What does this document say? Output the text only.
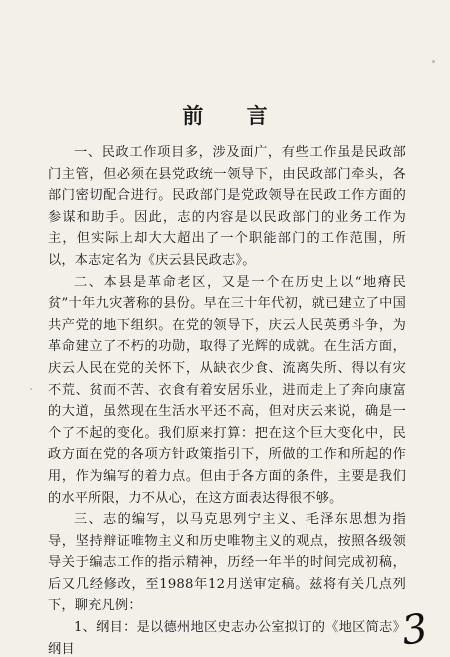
前 言

一、民政工作项目多，涉及面广，有些工作虽是民政部门主管，但必须在县党政统一领导下，由民政部门牵头，各部门密切配合进行。民政部门是党政领导在民政工作方面的参谋和助手。因此，志的内容是以民政部门的业务工作为主，但实际上却大大超出了一个职能部门的工作范围，所以，本志定名为《庆云县民政志》。

二、本县是革命老区，又是一个在历史上以“地瘠民贫”十年九灾著称的县份。早在三十年代初，就已建立了中国共产党的地下组织。在党的领导下，庆云人民英勇斗争，为革命建立了不朽的功勋，取得了光辉的成就。在生活方面，庆云人民在党的关怀下，从缺衣少食、流离失所、得以有灾不荒、贫而不苦、衣食有着安居乐业，进而走上了奔向康富的大道，虽然现在生活水平还不高，但对庆云来说，确是一个了不起的变化。我们原来打算：把在这个巨大变化中，民政方面在党的各项方针政策指引下，所做的工作和所起的作用，作为编写的着力点。但由于各方面的条件，主要是我们的水平所限，力不从心，在这方面表达得很不够。

三、志的编写，以马克思列宁主义、毛泽东思想为指导，坚持辩证唯物主义和历史唯物主义的观点，按照各级领导关于编志工作的指示精神，历经一年半的时间完成初稿，后又几经修改，至1988年12月送审定稿。兹将有关几点列下，聊充凡例：

1、纲目：是以德州地区史志办公室拟订的《地区简志》纲目	3
